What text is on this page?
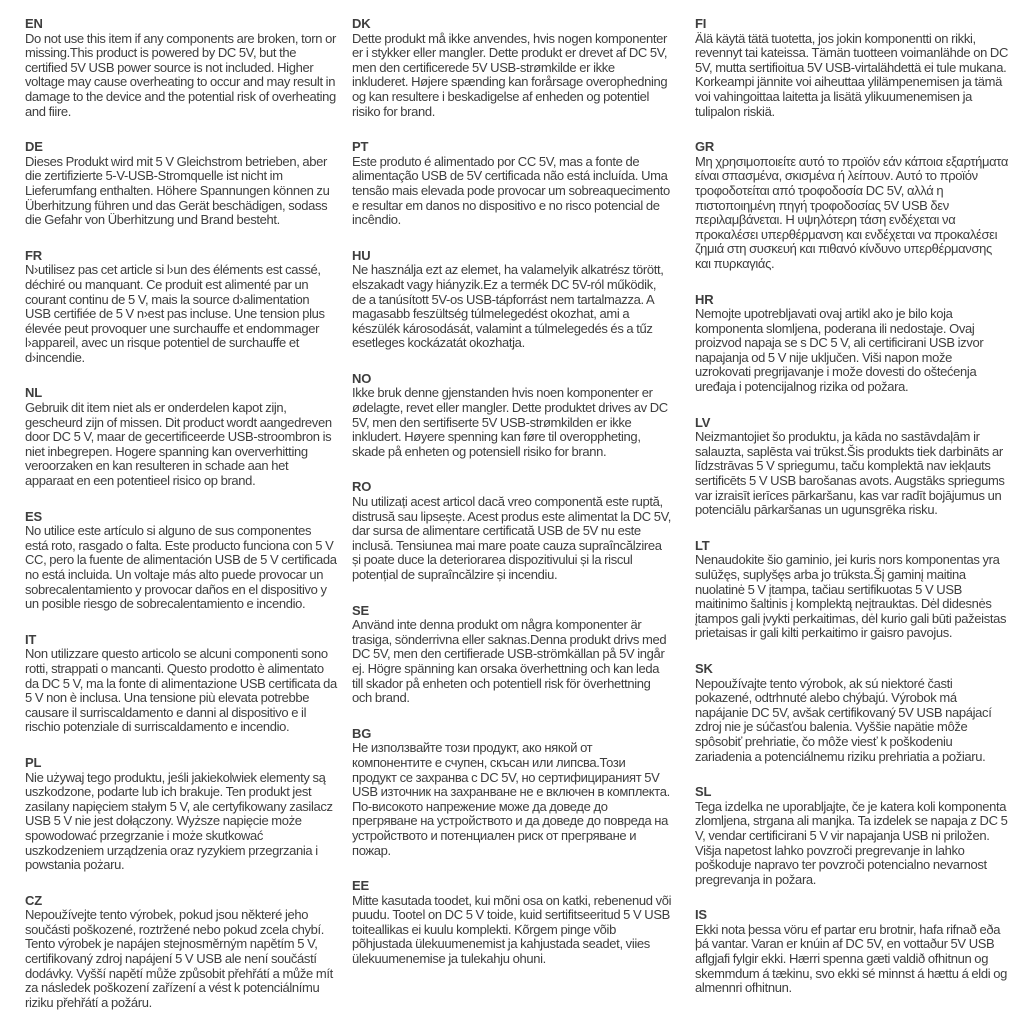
EN
Do not use this item if any components are broken, torn or missing.This product is powered by DC 5V, but the certified 5V USB power source is not included. Higher voltage may cause overheating to occur and may result in damage to the device and the potential risk of overheating and fiire.
DE
Dieses Produkt wird mit 5 V Gleichstrom betrieben, aber die zertifizierte 5-V-USB-Stromquelle ist nicht im Lieferumfang enthalten. Höhere Spannungen können zu Überhitzung führen und das Gerät beschädigen, sodass die Gefahr von Überhitzung und Brand besteht.
FR
N›utilisez pas cet article si l›un des éléments est cassé, déchiré ou manquant. Ce produit est alimenté par un courant continu de 5 V, mais la source d›alimentation USB certifiée de 5 V n›est pas incluse. Une tension plus élevée peut provoquer une surchauffe et endommager l›appareil, avec un risque potentiel de surchauffe et d›incendie.
NL
Gebruik dit item niet als er onderdelen kapot zijn, gescheurd zijn of missen. Dit product wordt aangedreven door DC 5 V, maar de gecertificeerde USB-stroombron is niet inbegrepen. Hogere spanning kan oververhitting veroorzaken en kan resulteren in schade aan het apparaat en een potentieel risico op brand.
ES
No utilice este artículo si alguno de sus componentes está roto, rasgado o falta. Este producto funciona con 5 V CC, pero la fuente de alimentación USB de 5 V certificada no está incluida. Un voltaje más alto puede provocar un sobrecalentamiento y provocar daños en el dispositivo y un posible riesgo de sobrecalentamiento e incendio.
IT
Non utilizzare questo articolo se alcuni componenti sono rotti, strappati o mancanti. Questo prodotto è alimentato da DC 5 V, ma la fonte di alimentazione USB certificata da 5 V non è inclusa. Una tensione più elevata potrebbe causare il surriscaldamento e danni al dispositivo e il rischio potenziale di surriscaldamento e incendio.
PL
Nie używaj tego produktu, jeśli jakiekolwiek elementy są uszkodzone, podarte lub ich brakuje. Ten produkt jest zasilany napięciem stałym 5 V, ale certyfikowany zasilacz USB 5 V nie jest dołączony. Wyższe napięcie może spowodować przegrzanie i może skutkować uszkodzeniem urządzenia oraz ryzykiem przegrzania i powstania pożaru.
CZ
Nepoužívejte tento výrobek, pokud jsou některé jeho součásti poškozené, roztržené nebo pokud zcela chybí. Tento výrobek je napájen stejnosměrným napětím 5 V, certifikovaný zdroj napájení 5 V USB ale není součástí dodávky. Vyšší napětí může způsobit přehřátí a může mít za následek poškození zařízení a vést k potenciálnímu riziku přehřátí a požáru.
DK
Dette produkt må ikke anvendes, hvis nogen komponenter er i stykker eller mangler. Dette produkt er drevet af DC 5V, men den certificerede 5V USB-strømkilde er ikke inkluderet. Højere spænding kan forårsage overophedning og kan resultere i beskadigelse af enheden og potentiel risiko for brand.
PT
Este produto é alimentado por CC 5V, mas a fonte de alimentação USB de 5V certificada não está incluída. Uma tensão mais elevada pode provocar um sobreaquecimento e resultar em danos no dispositivo e no risco potencial de incêndio.
HU
Ne használja ezt az elemet, ha valamelyik alkatrész törött, elszakadt vagy hiányzik.Ez a termék DC 5V-ról működik, de a tanúsított 5V-os USB-tápforrást nem tartalmazza. A magasabb feszültség túlmelegedést okozhat, ami a készülék károsodását, valamint a túlmelegedés és a tűz esetleges kockázatát okozhatja.
NO
Ikke bruk denne gjenstanden hvis noen komponenter er ødelagte, revet eller mangler. Dette produktet drives av DC 5V, men den sertifiserte 5V USB-strømkilden er ikke inkludert. Høyere spenning kan føre til overoppheting, skade på enheten og potensiell risiko for brann.
RO
Nu utilizați acest articol dacă vreo componentă este ruptă, distrusă sau lipsește. Acest produs este alimentat la DC 5V, dar sursa de alimentare certificată USB de 5V nu este inclusă. Tensiunea mai mare poate cauza supraîncălzirea și poate duce la deteriorarea dispozitivului și la riscul potențial de supraîncălzire și incendiu.
SE
Använd inte denna produkt om några komponenter är trasiga, sönderrivna eller saknas.Denna produkt drivs med DC 5V, men den certifierade USB-strömkällan på 5V ingår ej. Högre spänning kan orsaka överhettning och kan leda till skador på enheten och potentiell risk för överhettning och brand.
BG
Не използвайте този продукт, ако някой от компонентите е счупен, скъсан или липсва.Този продукт се захранва с DC 5V, но сертифицираният 5V USB източник на захранване не е включен в комплекта. По-високото напрежение може да доведе до прегряване на устройството и да доведе до повреда на устройството и потенциален риск от прегряване и пожар.
EE
Mitte kasutada toodet, kui mõni osa on katki, rebenenud või puudu. Tootel on DC 5 V toide, kuid sertifitseeritud 5 V USB toiteallikas ei kuulu komplekti. Kõrgem pinge võib põhjustada ülekuumenemist ja kahjustada seadet, viies ülekuumenemise ja tulekahju ohuni.
FI
Älä käytä tätä tuotetta, jos jokin komponentti on rikki, revennyt tai kateissa. Tämän tuotteen voimanlähde on DC 5V, mutta sertifioitua 5V USB-virtalähdettä ei tule mukana. Korkeampi jännite voi aiheuttaa ylilämpenemisen ja tämä voi vahingoittaa laitetta ja lisätä ylikuumenemisen ja tulipalon riskiä.
GR
Μη χρησιμοποιείτε αυτό το προϊόν εάν κάποια εξαρτήματα είναι σπασμένα, σκισμένα ή λείπουν. Αυτό το προϊόν τροφοδοτείται από τροφοδοσία DC 5V, αλλά η πιστοποιημένη πηγή τροφοδοσίας 5V USB δεν περιλαμβάνεται. Η υψηλότερη τάση ενδέχεται να προκαλέσει υπερθέρμανση και ενδέχεται να προκαλέσει ζημιά στη συσκευή και πιθανό κίνδυνο υπερθέρμανσης και πυρκαγιάς.
HR
Nemojte upotrebljavati ovaj artikl ako je bilo koja komponenta slomljena, poderana ili nedostaje. Ovaj proizvod napaja se s DC 5 V, ali certificirani USB izvor napajanja od 5 V nije uključen. Viši napon može uzrokovati pregrijavanje i može dovesti do oštećenja uređaja i potencijalnog rizika od požara.
LV
Neizmantojiet šo produktu, ja kāda no sastāvdaļām ir salauzta, saplēsta vai trūkst.Šis produkts tiek darbināts ar līdzstrāvas 5 V spriegumu, taču komplektā nav iekļauts sertificēts 5 V USB barošanas avots. Augstāks spriegums var izraisīt ierīces pārkaršanu, kas var radīt bojājumus un potenciālu pārkaršanas un ugunsgrēka risku.
LT
Nenaudokite šio gaminio, jei kuris nors komponentas yra sulūžęs, suplyšęs arba jo trūksta.Šį gaminį maitina nuolatinė 5 V įtampa, tačiau sertifikuotas 5 V USB maitinimo šaltinis į komplektą neįtrauktas. Dėl didesnės įtampos gali įvykti perkaitimas, dėl kurio gali būti pažeistas prietaisas ir gali kilti perkaitimo ir gaisro pavojus.
SK
Nepoužívajte tento výrobok, ak sú niektoré časti pokazené, odtrhnuté alebo chýbajú. Výrobok má napájanie DC 5V, avšak certifikovaný 5V USB napájací zdroj nie je súčasťou balenia. Vyššie napätie môže spôsobiť prehriatie, čo môže viesť k poškodeniu zariadenia a potenciálnemu riziku prehriatia a požiaru.
SL
Tega izdelka ne uporabljajte, če je katera koli komponenta zlomljena, strgana ali manjka. Ta izdelek se napaja z DC 5 V, vendar certificirani 5 V vir napajanja USB ni priložen. Višja napetost lahko povzroči pregrevanje in lahko poškoduje napravo ter povzroči potencialno nevarnost pregrevanja in požara.
IS
Ekki nota þessa vöru ef partar eru brotnir, hafa rifnað eða þá vantar. Varan er knúin af DC 5V, en vottaður 5V USB aflgjafi fylgir ekki. Hærri spenna gæti valdið ofhitnun og skemmdum á tækinu, svo ekki sé minnst á hættu á eldi og almennri ofhitnun.
